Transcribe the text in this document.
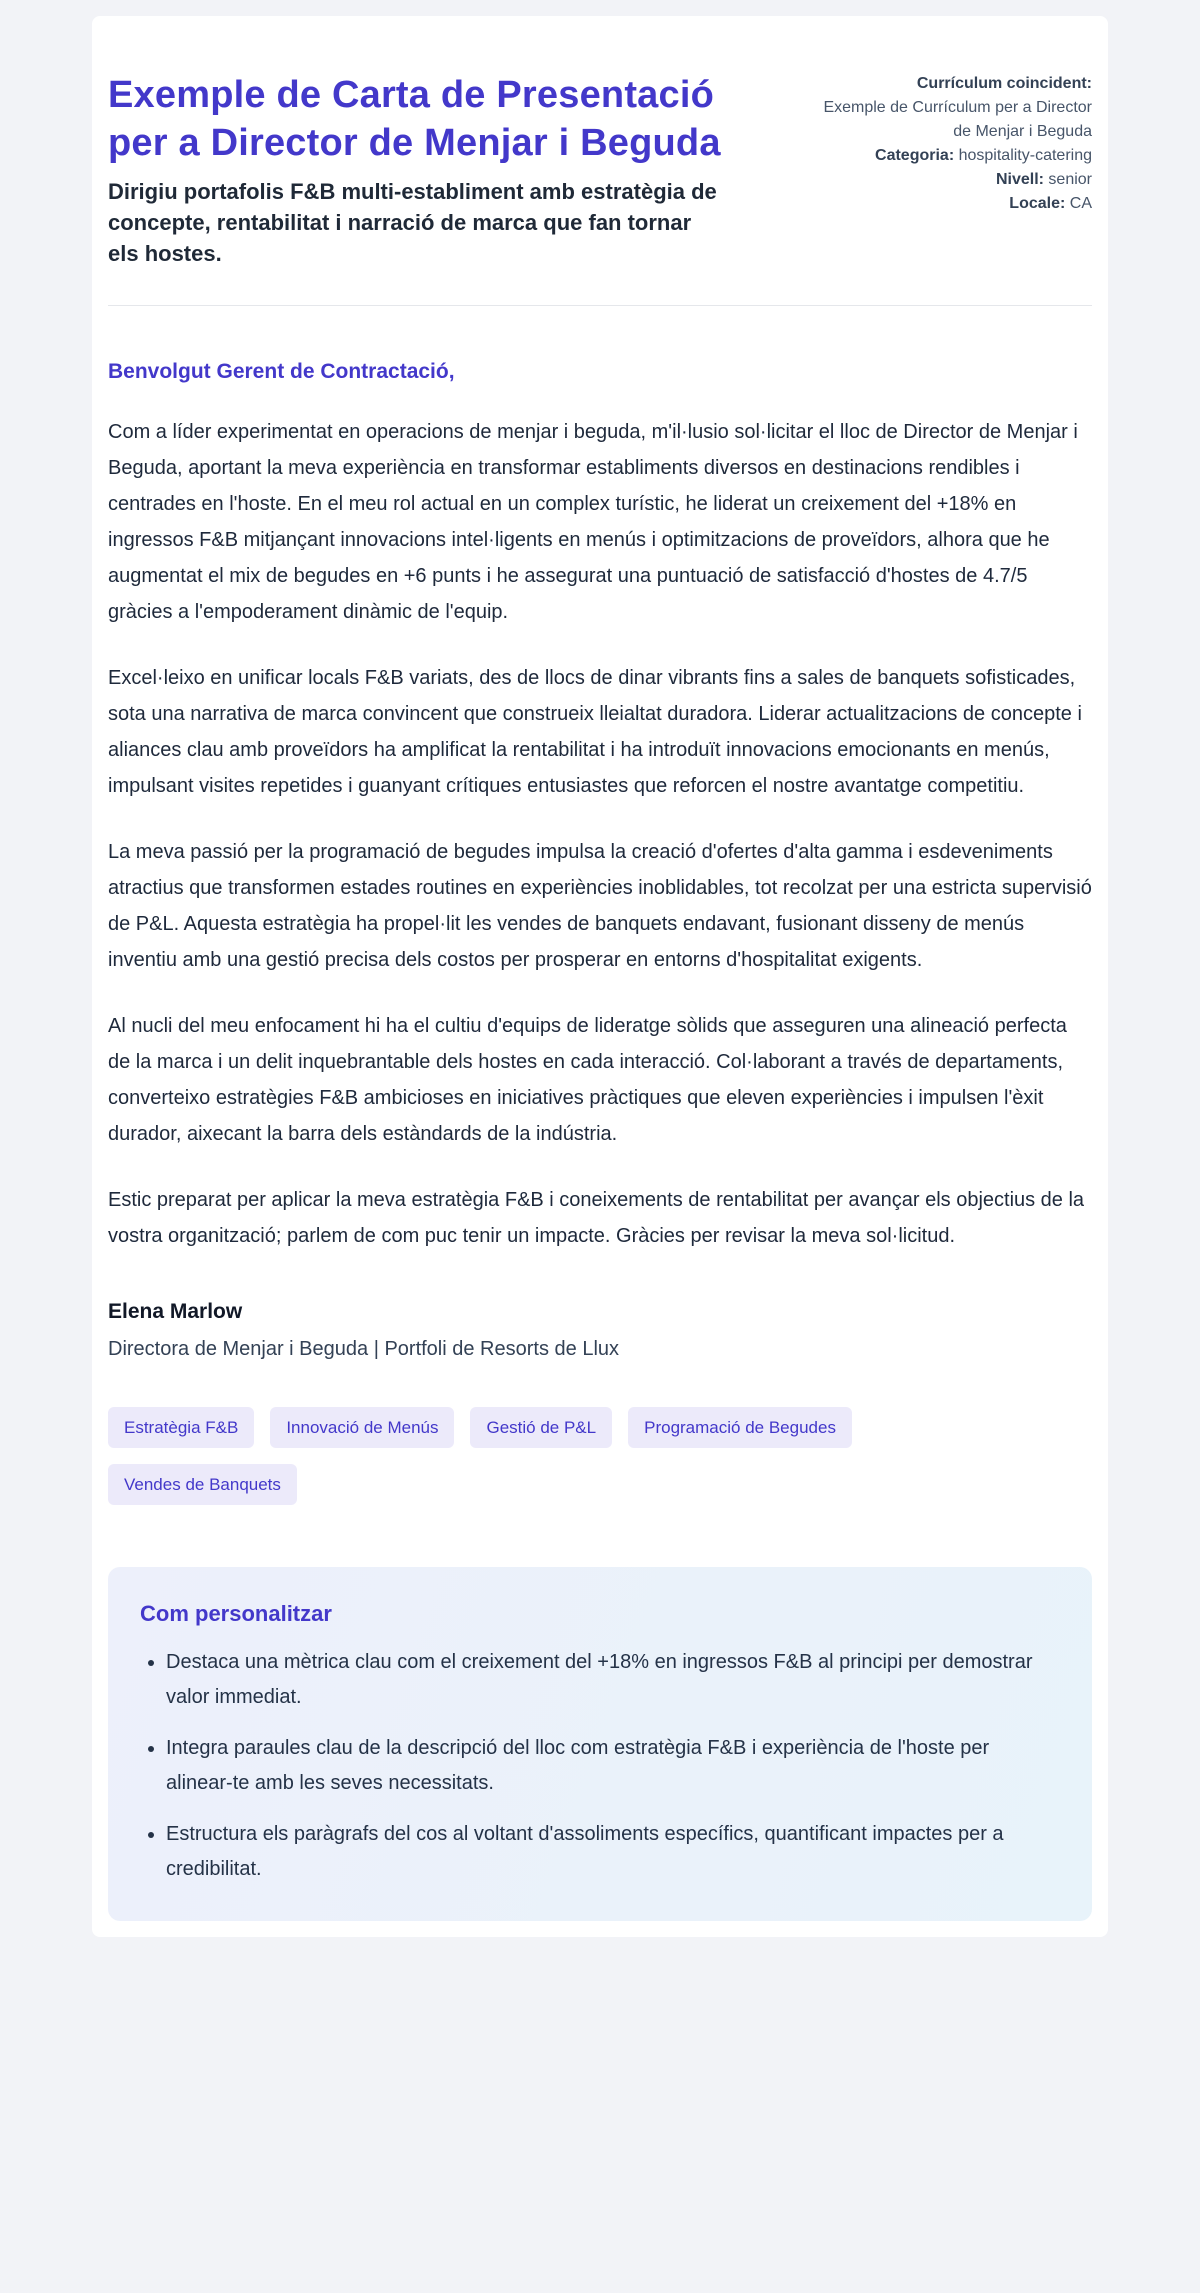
Exemple de Carta de Presentació per a Director de Menjar i Beguda

Dirigiu portafolis F&B multi-establiment amb estratègia de concepte, rentabilitat i narració de marca que fan tornar els hostes.

Currículum coincident:
Exemple de Currículum per a Director de Menjar i Beguda
Categoria: hospitality-catering
Nivell: senior
Locale: CA

Benvolgut Gerent de Contractació,

Com a líder experimentat en operacions de menjar i beguda, m'il·lusio sol·licitar el lloc de Director de Menjar i Beguda, aportant la meva experiència en transformar establiments diversos en destinacions rendibles i centrades en l'hoste. En el meu rol actual en un complex turístic, he liderat un creixement del +18% en ingressos F&B mitjançant innovacions intel·ligents en menús i optimitzacions de proveïdors, alhora que he augmentat el mix de begudes en +6 punts i he assegurat una puntuació de satisfacció d'hostes de 4.7/5 gràcies a l'empoderament dinàmic de l'equip.

Excel·leixo en unificar locals F&B variats, des de llocs de dinar vibrants fins a sales de banquets sofisticades, sota una narrativa de marca convincent que construeix lleialtat duradora. Liderar actualitzacions de concepte i aliances clau amb proveïdors ha amplificat la rentabilitat i ha introduït innovacions emocionants en menús, impulsant visites repetides i guanyant crítiques entusiastes que reforcen el nostre avantatge competitiu.

La meva passió per la programació de begudes impulsa la creació d'ofertes d'alta gamma i esdeveniments atractius que transformen estades routines en experiències inoblidables, tot recolzat per una estricta supervisió de P&L. Aquesta estratègia ha propel·lit les vendes de banquets endavant, fusionant disseny de menús inventiu amb una gestió precisa dels costos per prosperar en entorns d'hospitalitat exigents.

Al nucli del meu enfocament hi ha el cultiu d'equips de lideratge sòlids que asseguren una alineació perfecta de la marca i un delit inquebrantable dels hostes en cada interacció. Col·laborant a través de departaments, converteixo estratègies F&B ambicioses en iniciatives pràctiques que eleven experiències i impulsen l'èxit durador, aixecant la barra dels estàndards de la indústria.

Estic preparat per aplicar la meva estratègia F&B i coneixements de rentabilitat per avançar els objectius de la vostra organització; parlem de com puc tenir un impacte. Gràcies per revisar la meva sol·licitud.

Elena Marlow

Directora de Menjar i Beguda | Portfoli de Resorts de Llux

Estratègia F&B	Innovació de Menús	Gestió de P&L	Programació de Begudes
Vendes de Banquets
Com personalitzar
• Destaca una mètrica clau com el creixement del +18% en ingressos F&B al principi per demostrar valor immediat.
• Integra paraules clau de la descripció del lloc com estratègia F&B i experiència de l'hoste per alinear-te amb les seves necessitats.
• Estructura els paràgrafs del cos al voltant d'assoliments específics, quantificant impactes per a credibilitat.
